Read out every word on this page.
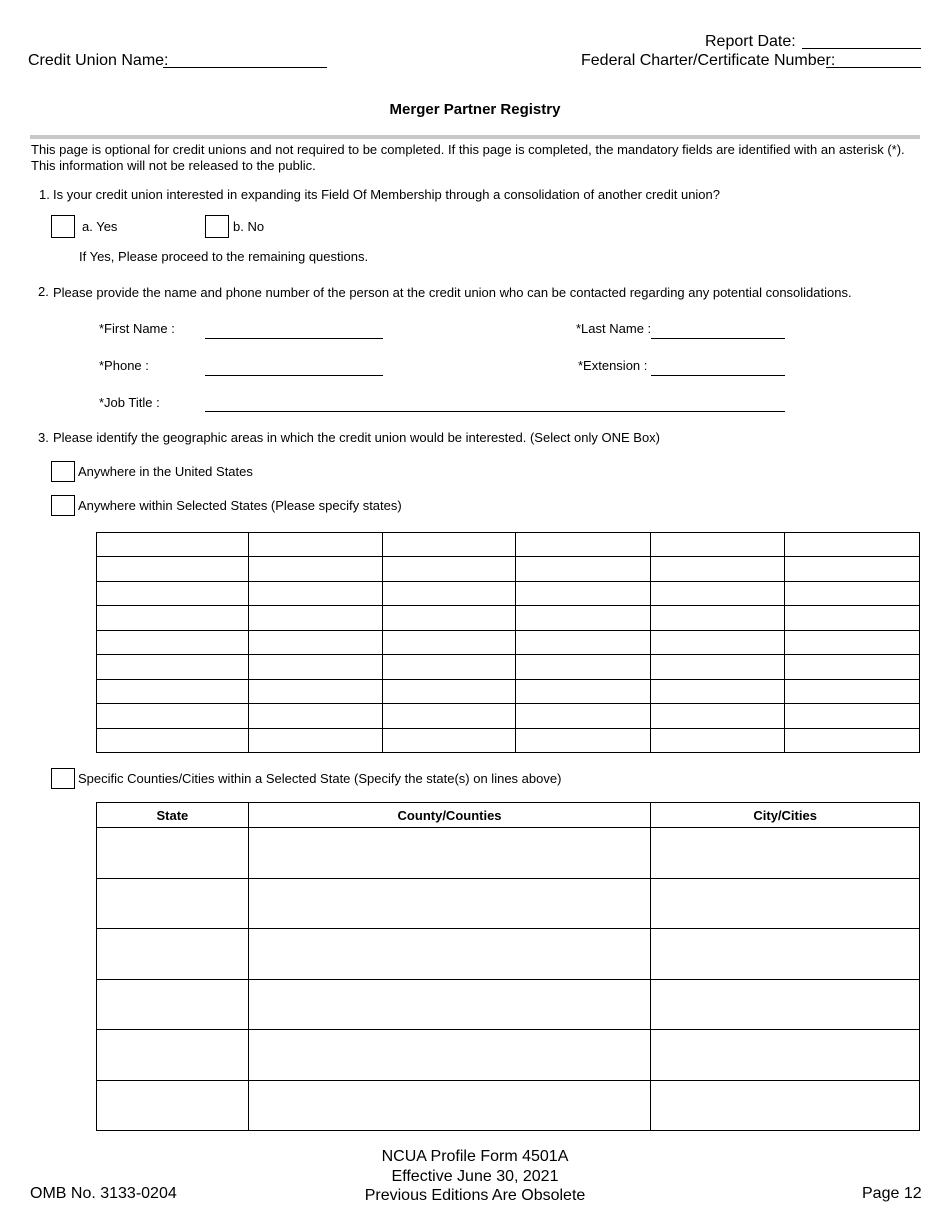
Report Date:
Credit Union Name:	Federal Charter/Certificate Number:
Merger Partner Registry
This page is optional for credit unions and not required to be completed. If this page is completed, the mandatory fields are identified with an asterisk (*).
This information will not be released to the public.
1. Is your credit union interested in expanding its Field Of Membership through a consolidation of another credit union?
a. Yes	b. No
If Yes, Please proceed to the remaining questions.
2. Please provide the name and phone number of the person at the credit union who can be contacted regarding any potential consolidations.
*First Name :	*Last Name :
*Phone :	*Extension :
*Job Title :
3. Please identify the geographic areas in which the credit union would be interested. (Select only ONE Box)
Anywhere in the United States
Anywhere within Selected States (Please specify states)

Specific Counties/Cities within a Selected State (Specify the state(s) on lines above)
State	County/Counties	City/Cities

NCUA Profile Form 4501A
Effective June 30, 2021
Previous Editions Are Obsolete
OMB No. 3133-0204	Page 12
